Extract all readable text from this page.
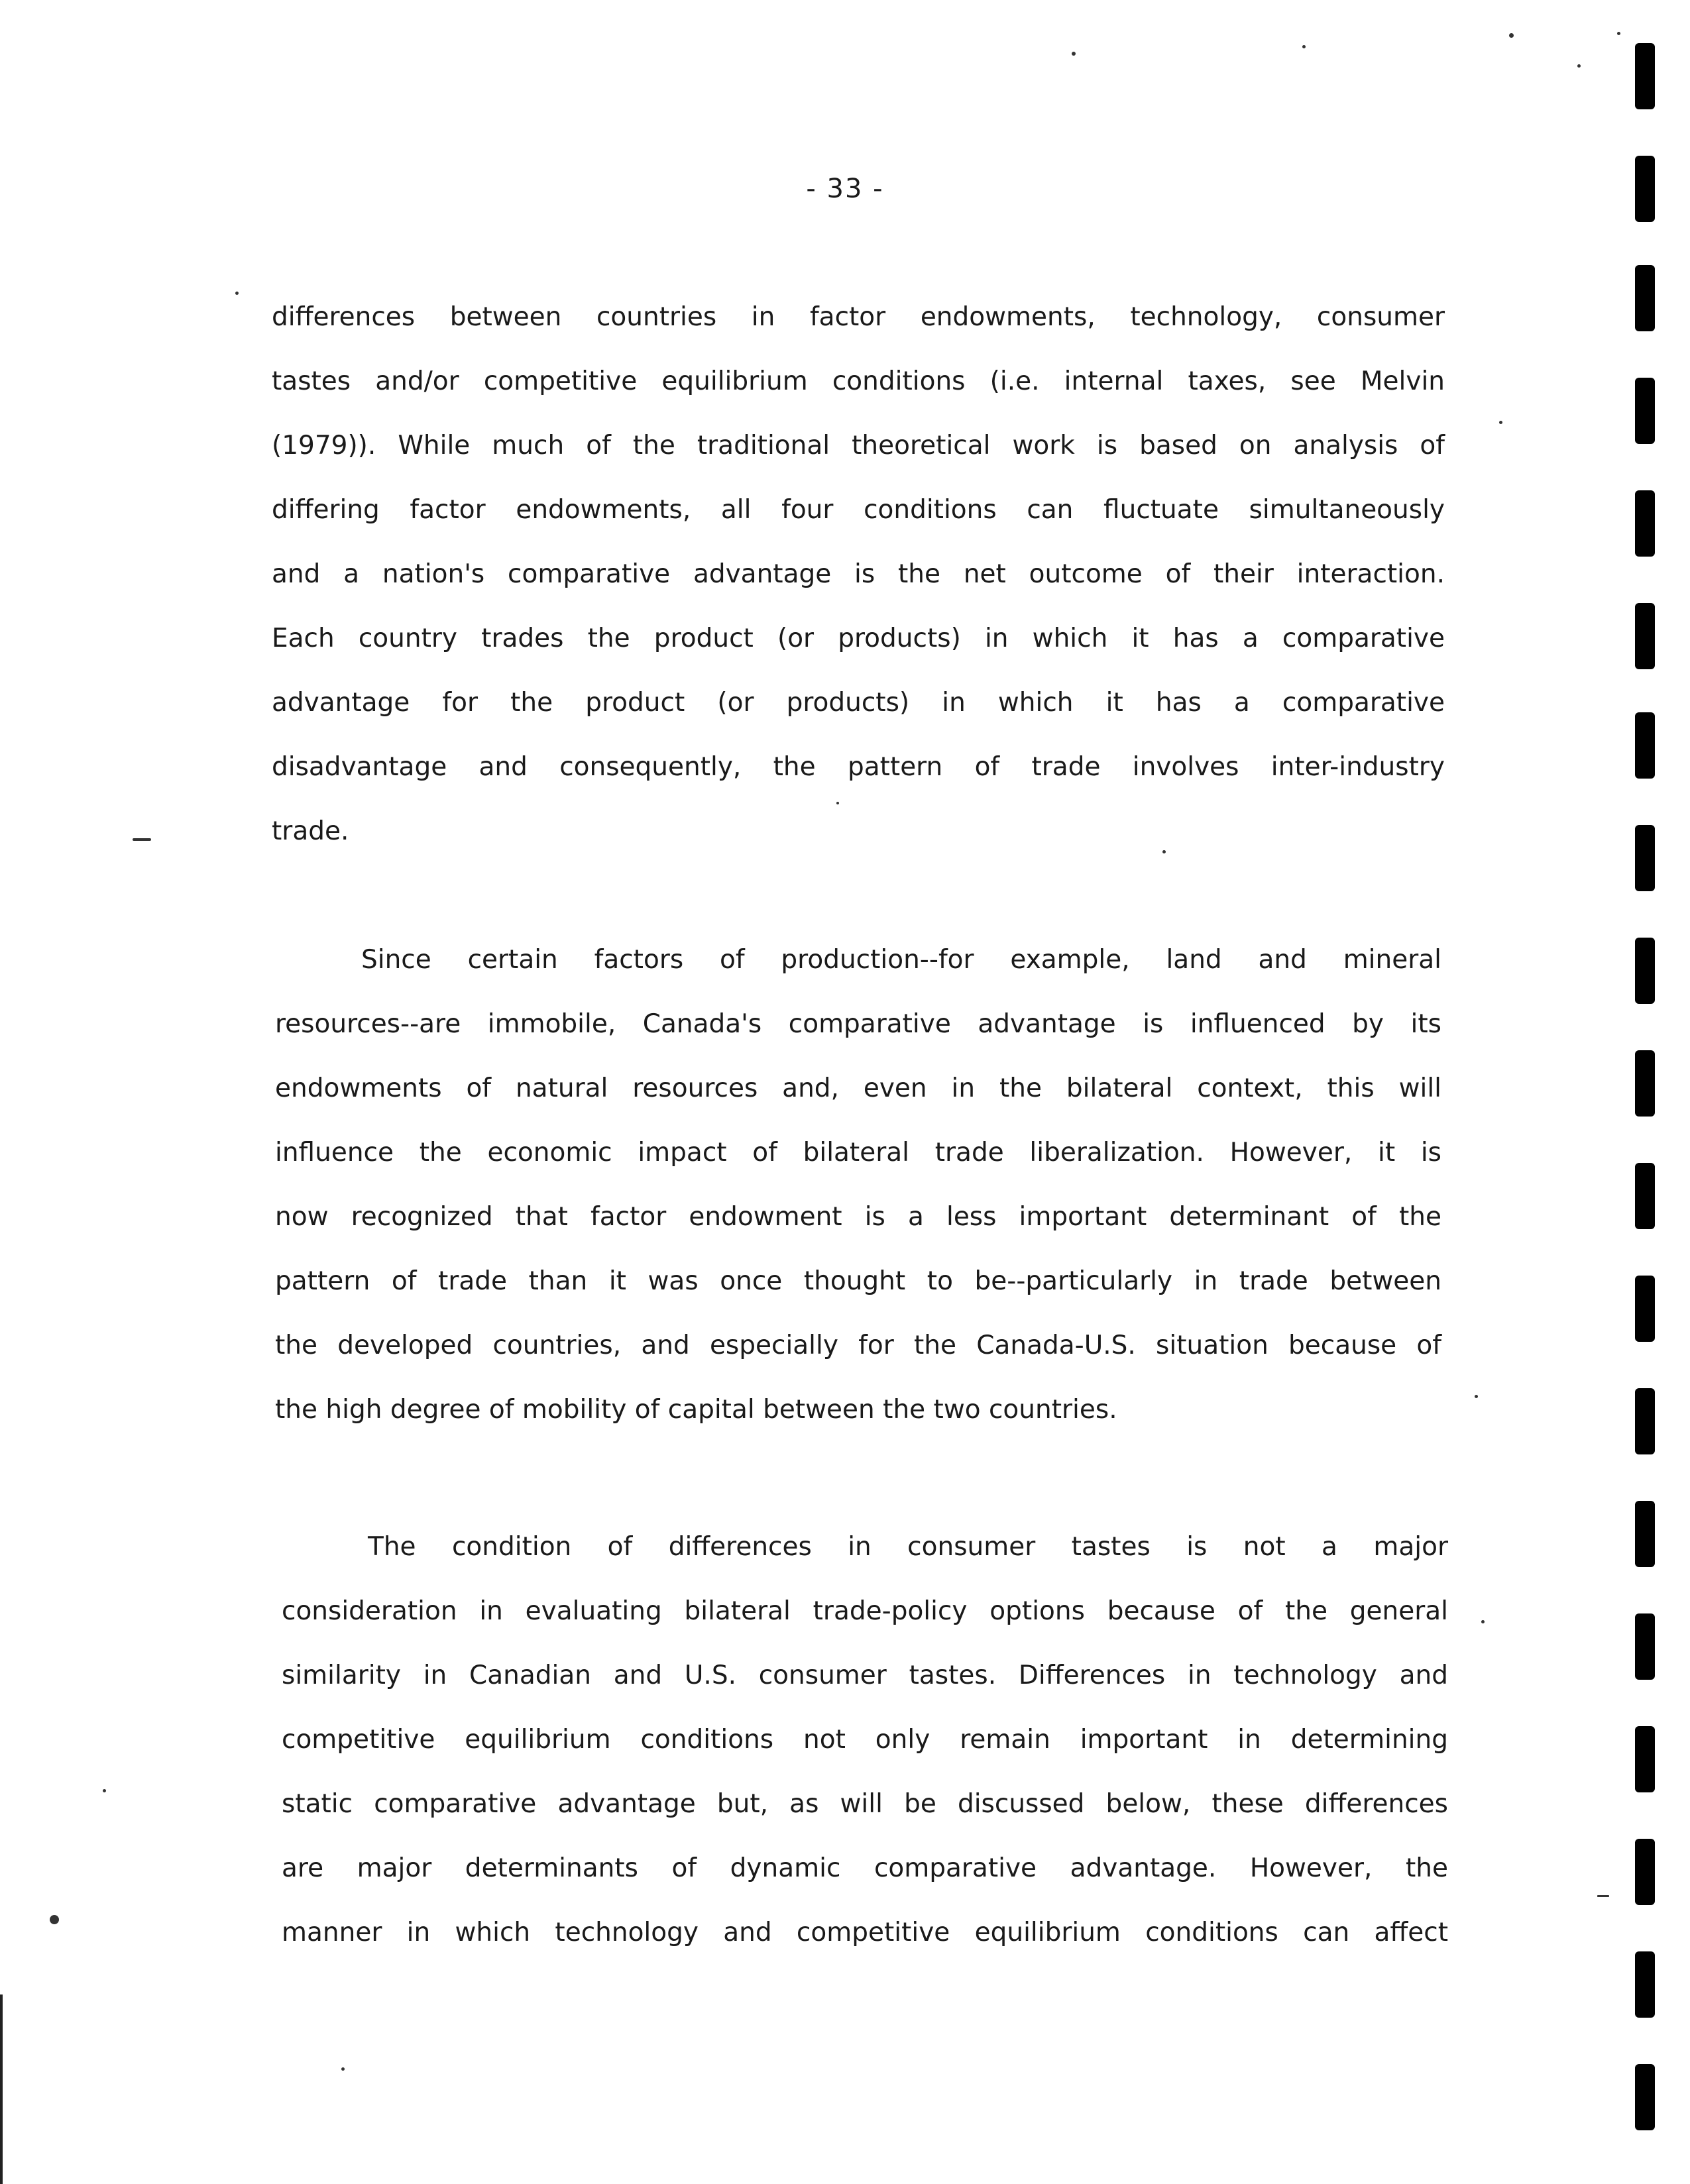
- 33 -
differences between countries in factor endowments, technology, consumer
tastes and/or competitive equilibrium conditions (i.e. internal taxes, see Melvin
(1979)). While much of the traditional theoretical work is based on analysis of
differing factor endowments, all four conditions can fluctuate simultaneously
and a nation's comparative advantage is the net outcome of their interaction.
Each country trades the product (or products) in which it has a comparative
advantage for the product (or products) in which it has a comparative
disadvantage and consequently, the pattern of trade involves inter-industry
trade.
Since certain factors of production--for example, land and mineral
resources--are immobile, Canada's comparative advantage is influenced by its
endowments of natural resources and, even in the bilateral context, this will
influence the economic impact of bilateral trade liberalization. However, it is
now recognized that factor endowment is a less important determinant of the
pattern of trade than it was once thought to be--particularly in trade between
the developed countries, and especially for the Canada-U.S. situation because of
the high degree of mobility of capital between the two countries.
The condition of differences in consumer tastes is not a major
consideration in evaluating bilateral trade-policy options because of the general
similarity in Canadian and U.S. consumer tastes. Differences in technology and
competitive equilibrium conditions not only remain important in determining
static comparative advantage but, as will be discussed below, these differences
are major determinants of dynamic comparative advantage. However, the
manner in which technology and competitive equilibrium conditions can affect
